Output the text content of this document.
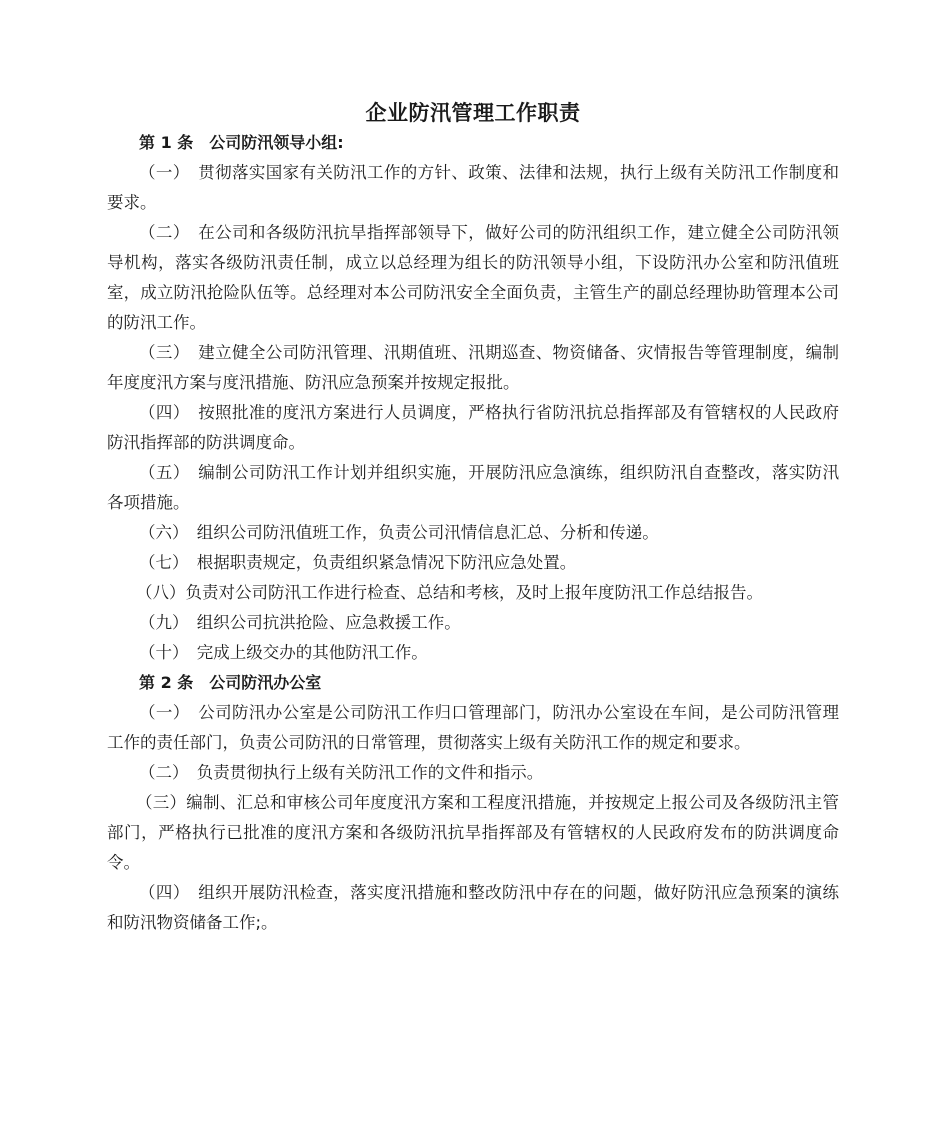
企业防汛管理工作职责
第 1 条　公司防汛领导小组:

（一）　 贯彻落实国家有关防汛工作的方针、政策、法律和法规，执行上级有关防汛工作制度和要求。

（二）　 在公司和各级防汛抗旱指挥部领导下，做好公司的防汛组织工作，建立健全公司防汛领导机构，落实各级防汛责任制，成立以总经理为组长的防汛领导小组，下设防汛办公室和防汛值班室，成立防汛抢险队伍等。总经理对本公司防汛安全全面负责，主管生产的副总经理协助管理本公司的防汛工作。

（三）　 建立健全公司防汛管理、汛期值班、汛期巡查、物资储备、灾情报告等管理制度，编制年度度汛方案与度汛措施、防汛应急预案并按规定报批。

（四）　 按照批准的度汛方案进行人员调度，严格执行省防汛抗总指挥部及有管辖权的人民政府防汛指挥部的防洪调度命。

（五）　 编制公司防汛工作计划并组织实施，开展防汛应急演练，组织防汛自查整改，落实防汛各项措施。

（六）　 组织公司防汛值班工作，负责公司汛情信息汇总、分析和传递。

（七）　 根据职责规定，负责组织紧急情况下防汛应急处置。

（八）负责对公司防汛工作进行检查、总结和考核，及时上报年度防汛工作总结报告。

（九）　 组织公司抗洪抢险、应急救援工作。

（十）　 完成上级交办的其他防汛工作。

第 2 条　公司防汛办公室

（一）　 公司防汛办公室是公司防汛工作归口管理部门，防汛办公室设在车间，是公司防汛管理工作的责任部门，负责公司防汛的日常管理，贯彻落实上级有关防汛工作的规定和要求。

（二）　 负责贯彻执行上级有关防汛工作的文件和指示。

（三）编制、汇总和审核公司年度度汛方案和工程度汛措施，并按规定上报公司及各级防汛主管部门，严格执行已批准的度汛方案和各级防汛抗旱指挥部及有管辖权的人民政府发布的防洪调度命令。

（四）　 组织开展防汛检查，落实度汛措施和整改防汛中存在的问题，做好防汛应急预案的演练和防汛物资储备工作;。
